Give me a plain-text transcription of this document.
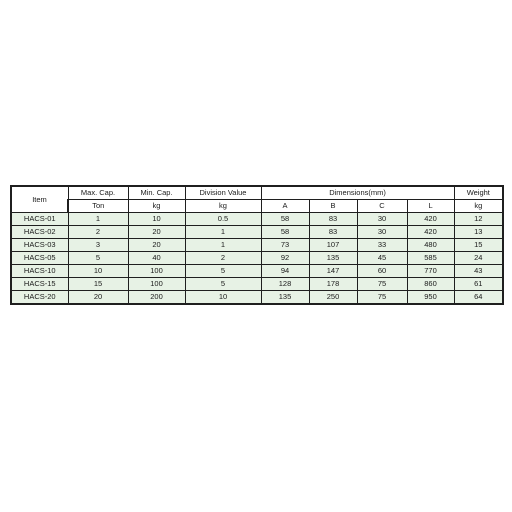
Item	Max. Cap.	Min. Cap.	Division Value	Dimensions(mm)				Weight
	Ton	kg	kg	A	B	C	L	kg
HACS-01	1	10	0.5	58	83	30	420	12
HACS-02	2	20	1	58	83	30	420	13
HACS-03	3	20	1	73	107	33	480	15
HACS-05	5	40	2	92	135	45	585	24
HACS-10	10	100	5	94	147	60	770	43
HACS-15	15	100	5	128	178	75	860	61
HACS-20	20	200	10	135	250	75	950	64
